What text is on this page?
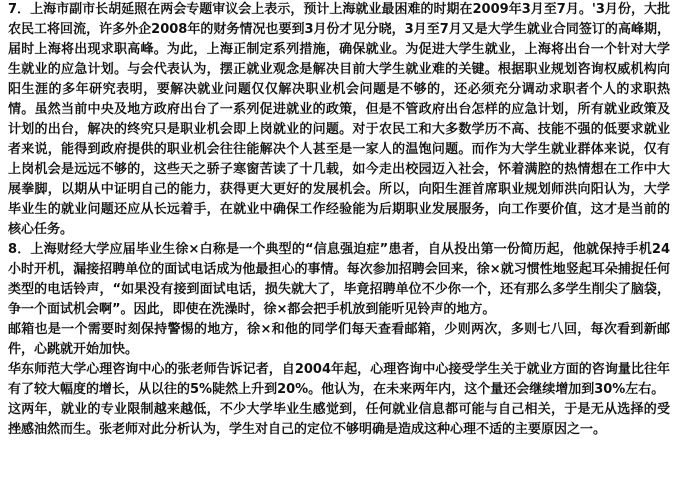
7．上海市副市长胡延照在两会专题审议会上表示，预计上海就业最困难的时期在2009年3月至7月。'3月份，大批农民工将回流，许多外企2008年的财务情况也要到3月份才见分晓，3月至7月又是大学生就业合同签订的高峰期，届时上海将出现求职高峰。为此，上海正制定系列措施，确保就业。为促进大学生就业，上海将出台一个针对大学生就业的应急计划。与会代表认为，摆正就业观念是解决目前大学生就业难的关键。根据职业规划咨询权威机构向阳生涯的多年研究表明，要解决就业问题仅仅解决职业机会问题是不够的，还必须充分调动求职者个人的求职热情。虽然当前中央及地方政府出台了一系列促进就业的政策，但是不管政府出台怎样的应急计划，所有就业政策及计划的出台，解决的终究只是职业机会即上岗就业的问题。对于农民工和大多数学历不高、技能不强的低要求就业者来说，能得到政府提供的职业机会往往能解决个人甚至是一家人的温饱问题。而作为大学生就业群体来说，仅有上岗机会是远远不够的，这些天之骄子寒窗苦读了十几载，如今走出校园迈入社会，怀着满腔的热情想在工作中大展拳脚，以期从中证明自己的能力，获得更大更好的发展机会。所以，向阳生涯首席职业规划师洪向阳认为，大学毕业生的就业问题还应从长远着手，在就业中确保工作经验能为后期职业发展服务，向工作要价值，这才是当前的核心任务。

8．上海财经大学应届毕业生徐×白称是一个典型的“信息强迫症”患者，自从投出第一份简历起，他就保持手机24小时开机，漏接招聘单位的面试电话成为他最担心的事情。每次参加招聘会回来，徐×就习惯性地竖起耳朵捕捉任何类型的电话铃声，“如果没有接到面试电话，损失就大了，毕竟招聘单位不少你一个，还有那么多学生削尖了脑袋，争一个面试机会啊”。因此，即使在洗澡时，徐×都会把手机放到能听见铃声的地方。

邮箱也是一个需要时刻保持警惕的地方，徐×和他的同学们每天查看邮箱，少则两次，多则七八回，每次看到新邮件，心跳就开始加快。

华东师范大学心理咨询中心的张老师告诉记者，自2004年起，心理咨询中心接受学生关于就业方面的咨询量比往年有了较大幅度的增长，从以往的5%陡然上升到20%。他认为，在未来两年内，这个量还会继续增加到30%左右。

这两年，就业的专业限制越来越低，不少大学毕业生感觉到，任何就业信息都可能与自己相关，于是无从选择的受挫感油然而生。张老师对此分析认为，学生对自己的定位不够明确是造成这种心理不适的主要原因之一。
